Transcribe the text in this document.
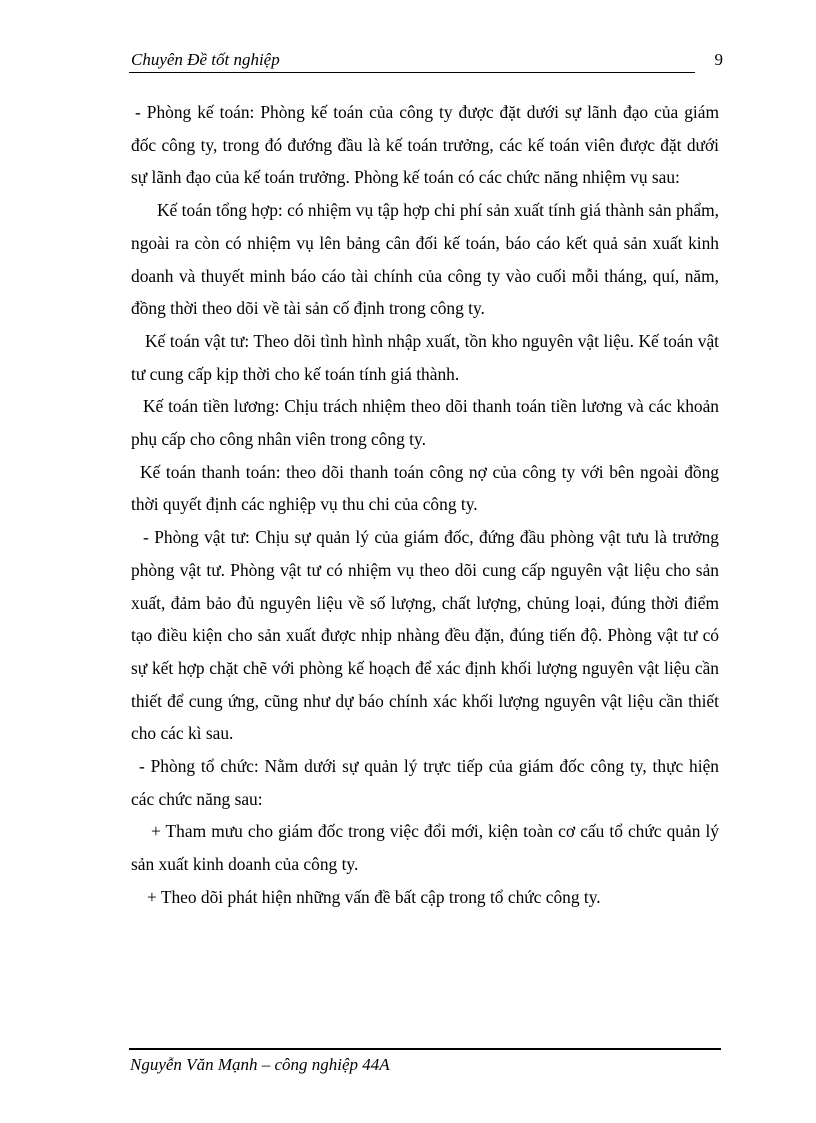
Chuyên Đề tốt nghiệp	9

- Phòng kế toán: Phòng kế toán của công ty được đặt dưới sự lãnh đạo của giám đốc công ty, trong đó đướng đầu là kế toán trưởng, các kế toán viên được đặt dưới sự lãnh đạo của kế toán trưởng. Phòng kế toán có các chức năng nhiệm vụ sau:

Kế toán tổng hợp: có nhiệm vụ tập hợp chi phí sản xuất tính giá thành sản phẩm, ngoài ra còn có nhiệm vụ lên bảng cân đối kế toán, báo cáo kết quả sản xuất kinh doanh và thuyết minh báo cáo tài chính của công ty vào cuối mỗi tháng, quí, năm, đồng thời theo dõi về tài sản cố định trong công ty.

Kế toán vật tư: Theo dõi tình hình nhập xuất, tồn kho nguyên vật liệu. Kế toán vật tư cung cấp kịp thời cho kế toán tính giá thành.

Kế toán tiền lương: Chịu trách nhiệm theo dõi thanh toán tiền lương và các khoản phụ cấp cho công nhân viên trong công ty.

Kế toán thanh toán: theo dõi thanh toán công nợ của công ty với bên ngoài đồng thời quyết định các nghiệp vụ thu chi của công ty.

- Phòng vật tư: Chịu sự quản lý của giám đốc, đứng đầu phòng vật tưu là trưởng phòng vật tư. Phòng vật tư có nhiệm vụ theo dõi cung cấp nguyên vật liệu cho sản xuất, đảm bảo đủ nguyên liệu về số lượng, chất lượng, chủng loại, đúng thời điểm tạo điều kiện cho sản xuất được nhịp nhàng đều đặn, đúng tiến độ. Phòng vật tư có sự kết hợp chặt chẽ với phòng kế hoạch để xác định khối lượng nguyên vật liệu cần thiết để cung ứng, cũng như dự báo chính xác khối lượng nguyên vật liệu cần thiết cho các kì sau.

- Phòng tổ chức: Nằm dưới sự quản lý trực tiếp của giám đốc công ty, thực hiện các chức năng sau:

+ Tham mưu cho giám đốc trong việc đổi mới, kiện toàn cơ cấu tổ chức quản lý sản xuất kinh doanh của công ty.

+ Theo dõi phát hiện những vấn đề bất cập trong tổ chức công ty.

Nguyễn Văn Mạnh – công nghiệp 44A
